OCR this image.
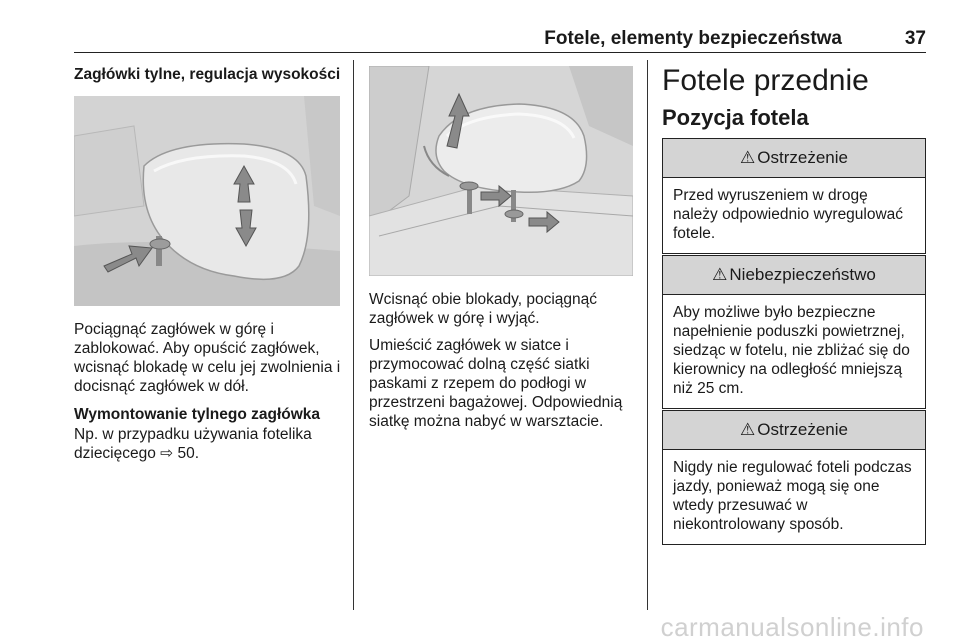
Fotele, elementy bezpieczeństwa	37
Zagłówki tylne, regulacja wysokości

Pociągnąć zagłówek w górę i zablokować. Aby opuścić zagłówek, wcisnąć blokadę w celu jej zwolnienia i docisnąć zagłówek w dół.

Wymontowanie tylnego zagłówka

Np. w przypadku używania fotelika dziecięcego ⇨ 50.

Wcisnąć obie blokady, pociągnąć zagłówek w górę i wyjąć.

Umieścić zagłówek w siatce i przymocować dolną część siatki paskami z rzepem do podłogi w przestrzeni bagażowej. Odpowiednią siatkę można nabyć w warsztacie.

Fotele przednie
Pozycja fotela
⚠ Ostrzeżenie
Przed wyruszeniem w drogę należy odpowiednio wyregulować fotele.
⚠ Niebezpieczeństwo
Aby możliwe było bezpieczne napełnienie poduszki powietrznej, siedząc w fotelu, nie zbliżać się do kierownicy na odległość mniejszą niż 25 cm.
⚠ Ostrzeżenie
Nigdy nie regulować foteli podczas jazdy, ponieważ mogą się one wtedy przesuwać w niekontrolowany sposób.
carmanualsonline.info
